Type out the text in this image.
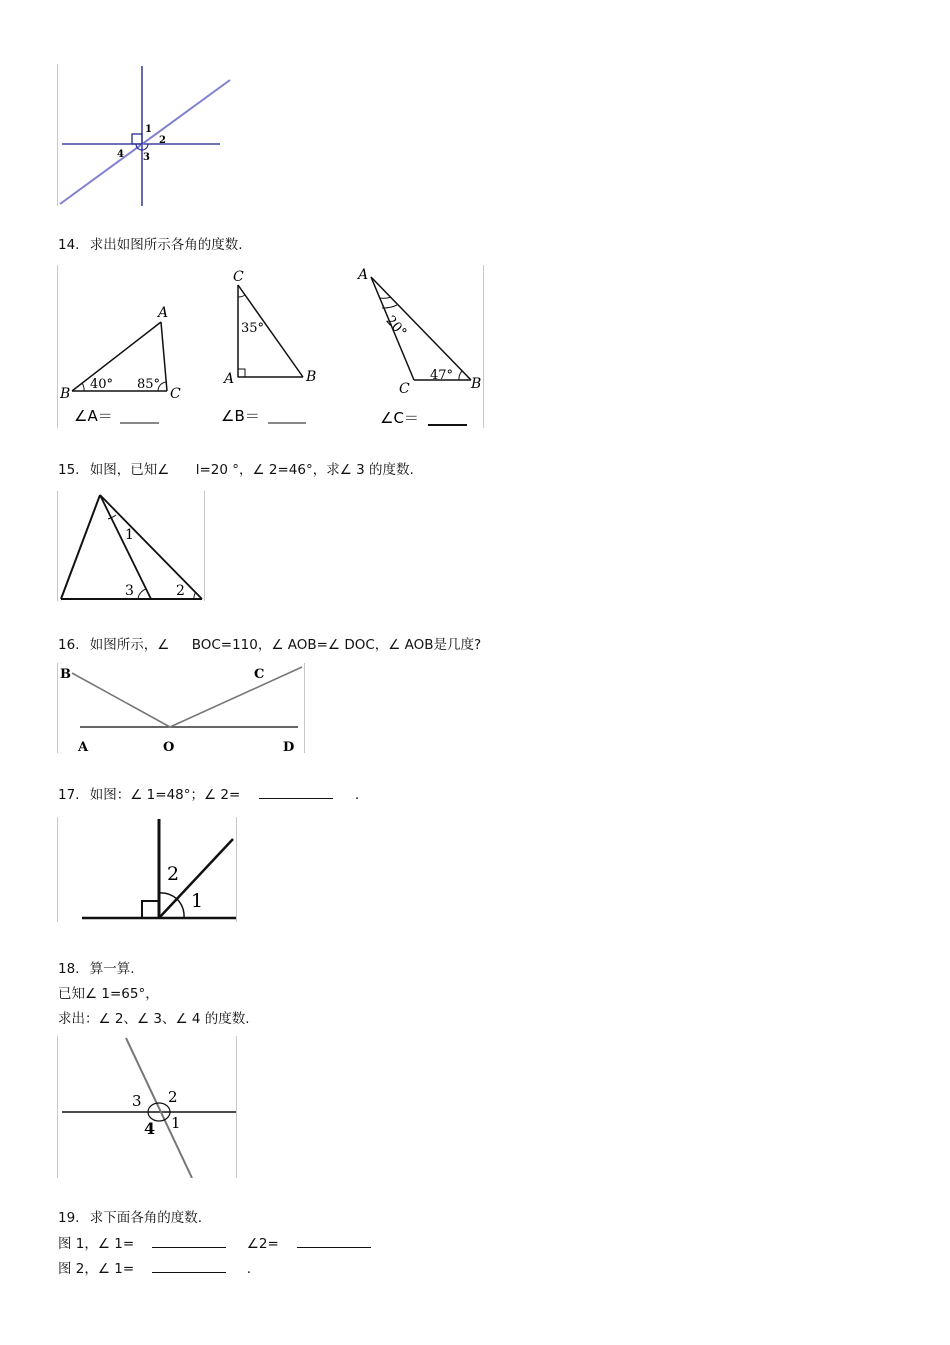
1
2
3
4
14. 求出如图所示各角的度数.
A
B	C
40° 85°
∠A＝
C
A	B
35°
∠B＝
A
C	B
20°
47°
∠C＝
15. 如图，已知∠ l=20 °，∠ 2=46°，求∠ 3 的度数.
1
2
3
16. 如图所示，∠ BOC=110，∠ AOB=∠ DOC，∠ AOB是几度?
B	C
A	O	D
17. 如图：∠ 1=48°；∠ 2=	.
2
1
18. 算一算.
已知∠ 1=65°，
求出：∠ 2、∠ 3、∠ 4 的度数.
3 2
1
4
19. 求下面各角的度数.
图 1，∠ 1=	∠2=
图 2，∠ 1=	.
